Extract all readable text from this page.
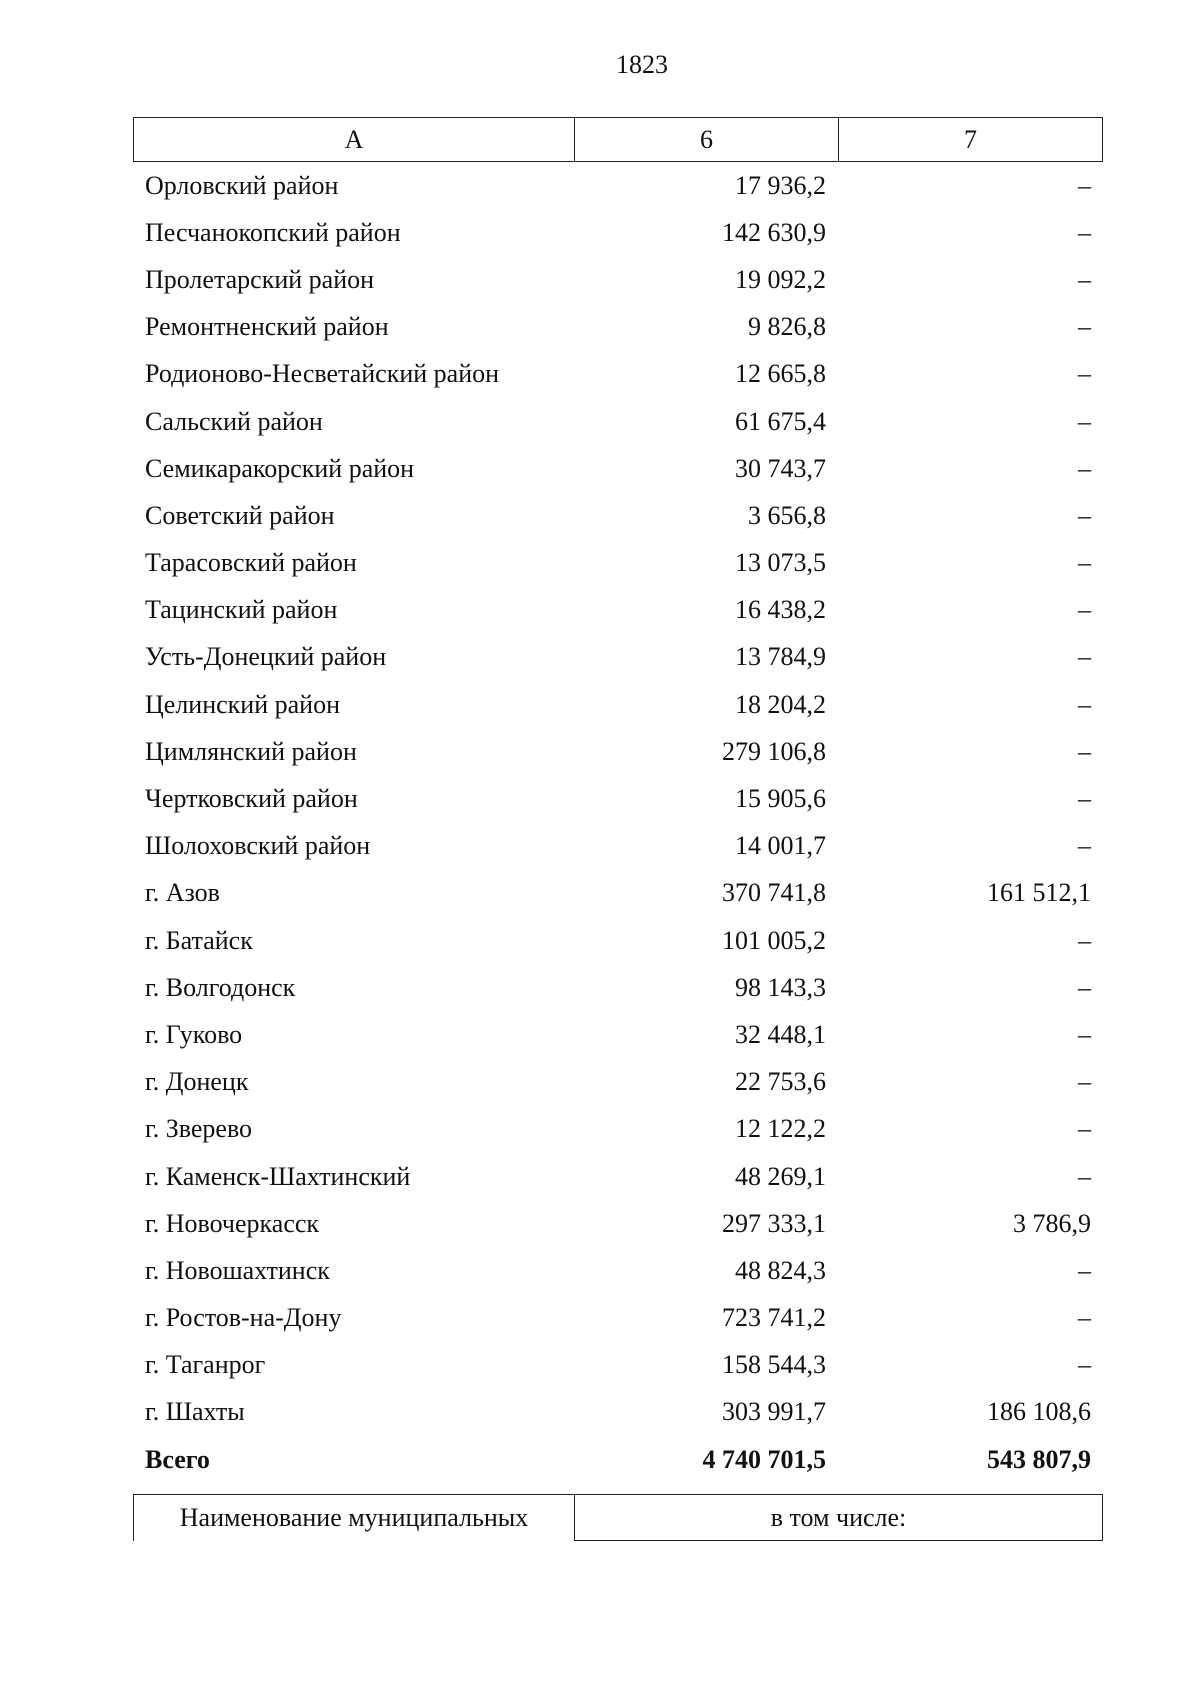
1823
А	6	7
Орловский район	17 936,2	–
Песчанокопский район	142 630,9	–
Пролетарский район	19 092,2	–
Ремонтненский район	9 826,8	–
Родионово-Несветайский район	12 665,8	–
Сальский район	61 675,4	–
Семикаракорский район	30 743,7	–
Советский район	3 656,8	–
Тарасовский район	13 073,5	–
Тацинский район	16 438,2	–
Усть-Донецкий район	13 784,9	–
Целинский район	18 204,2	–
Цимлянский район	279 106,8	–
Чертковский район	15 905,6	–
Шолоховский район	14 001,7	–
г. Азов	370 741,8	161 512,1
г. Батайск	101 005,2	–
г. Волгодонск	98 143,3	–
г. Гуково	32 448,1	–
г. Донецк	22 753,6	–
г. Зверево	12 122,2	–
г. Каменск-Шахтинский	48 269,1	–
г. Новочеркасск	297 333,1	3 786,9
г. Новошахтинск	48 824,3	–
г. Ростов-на-Дону	723 741,2	–
г. Таганрог	158 544,3	–
г. Шахты	303 991,7	186 108,6
Всего	4 740 701,5	543 807,9
Наименование муниципальных	в том числе:
